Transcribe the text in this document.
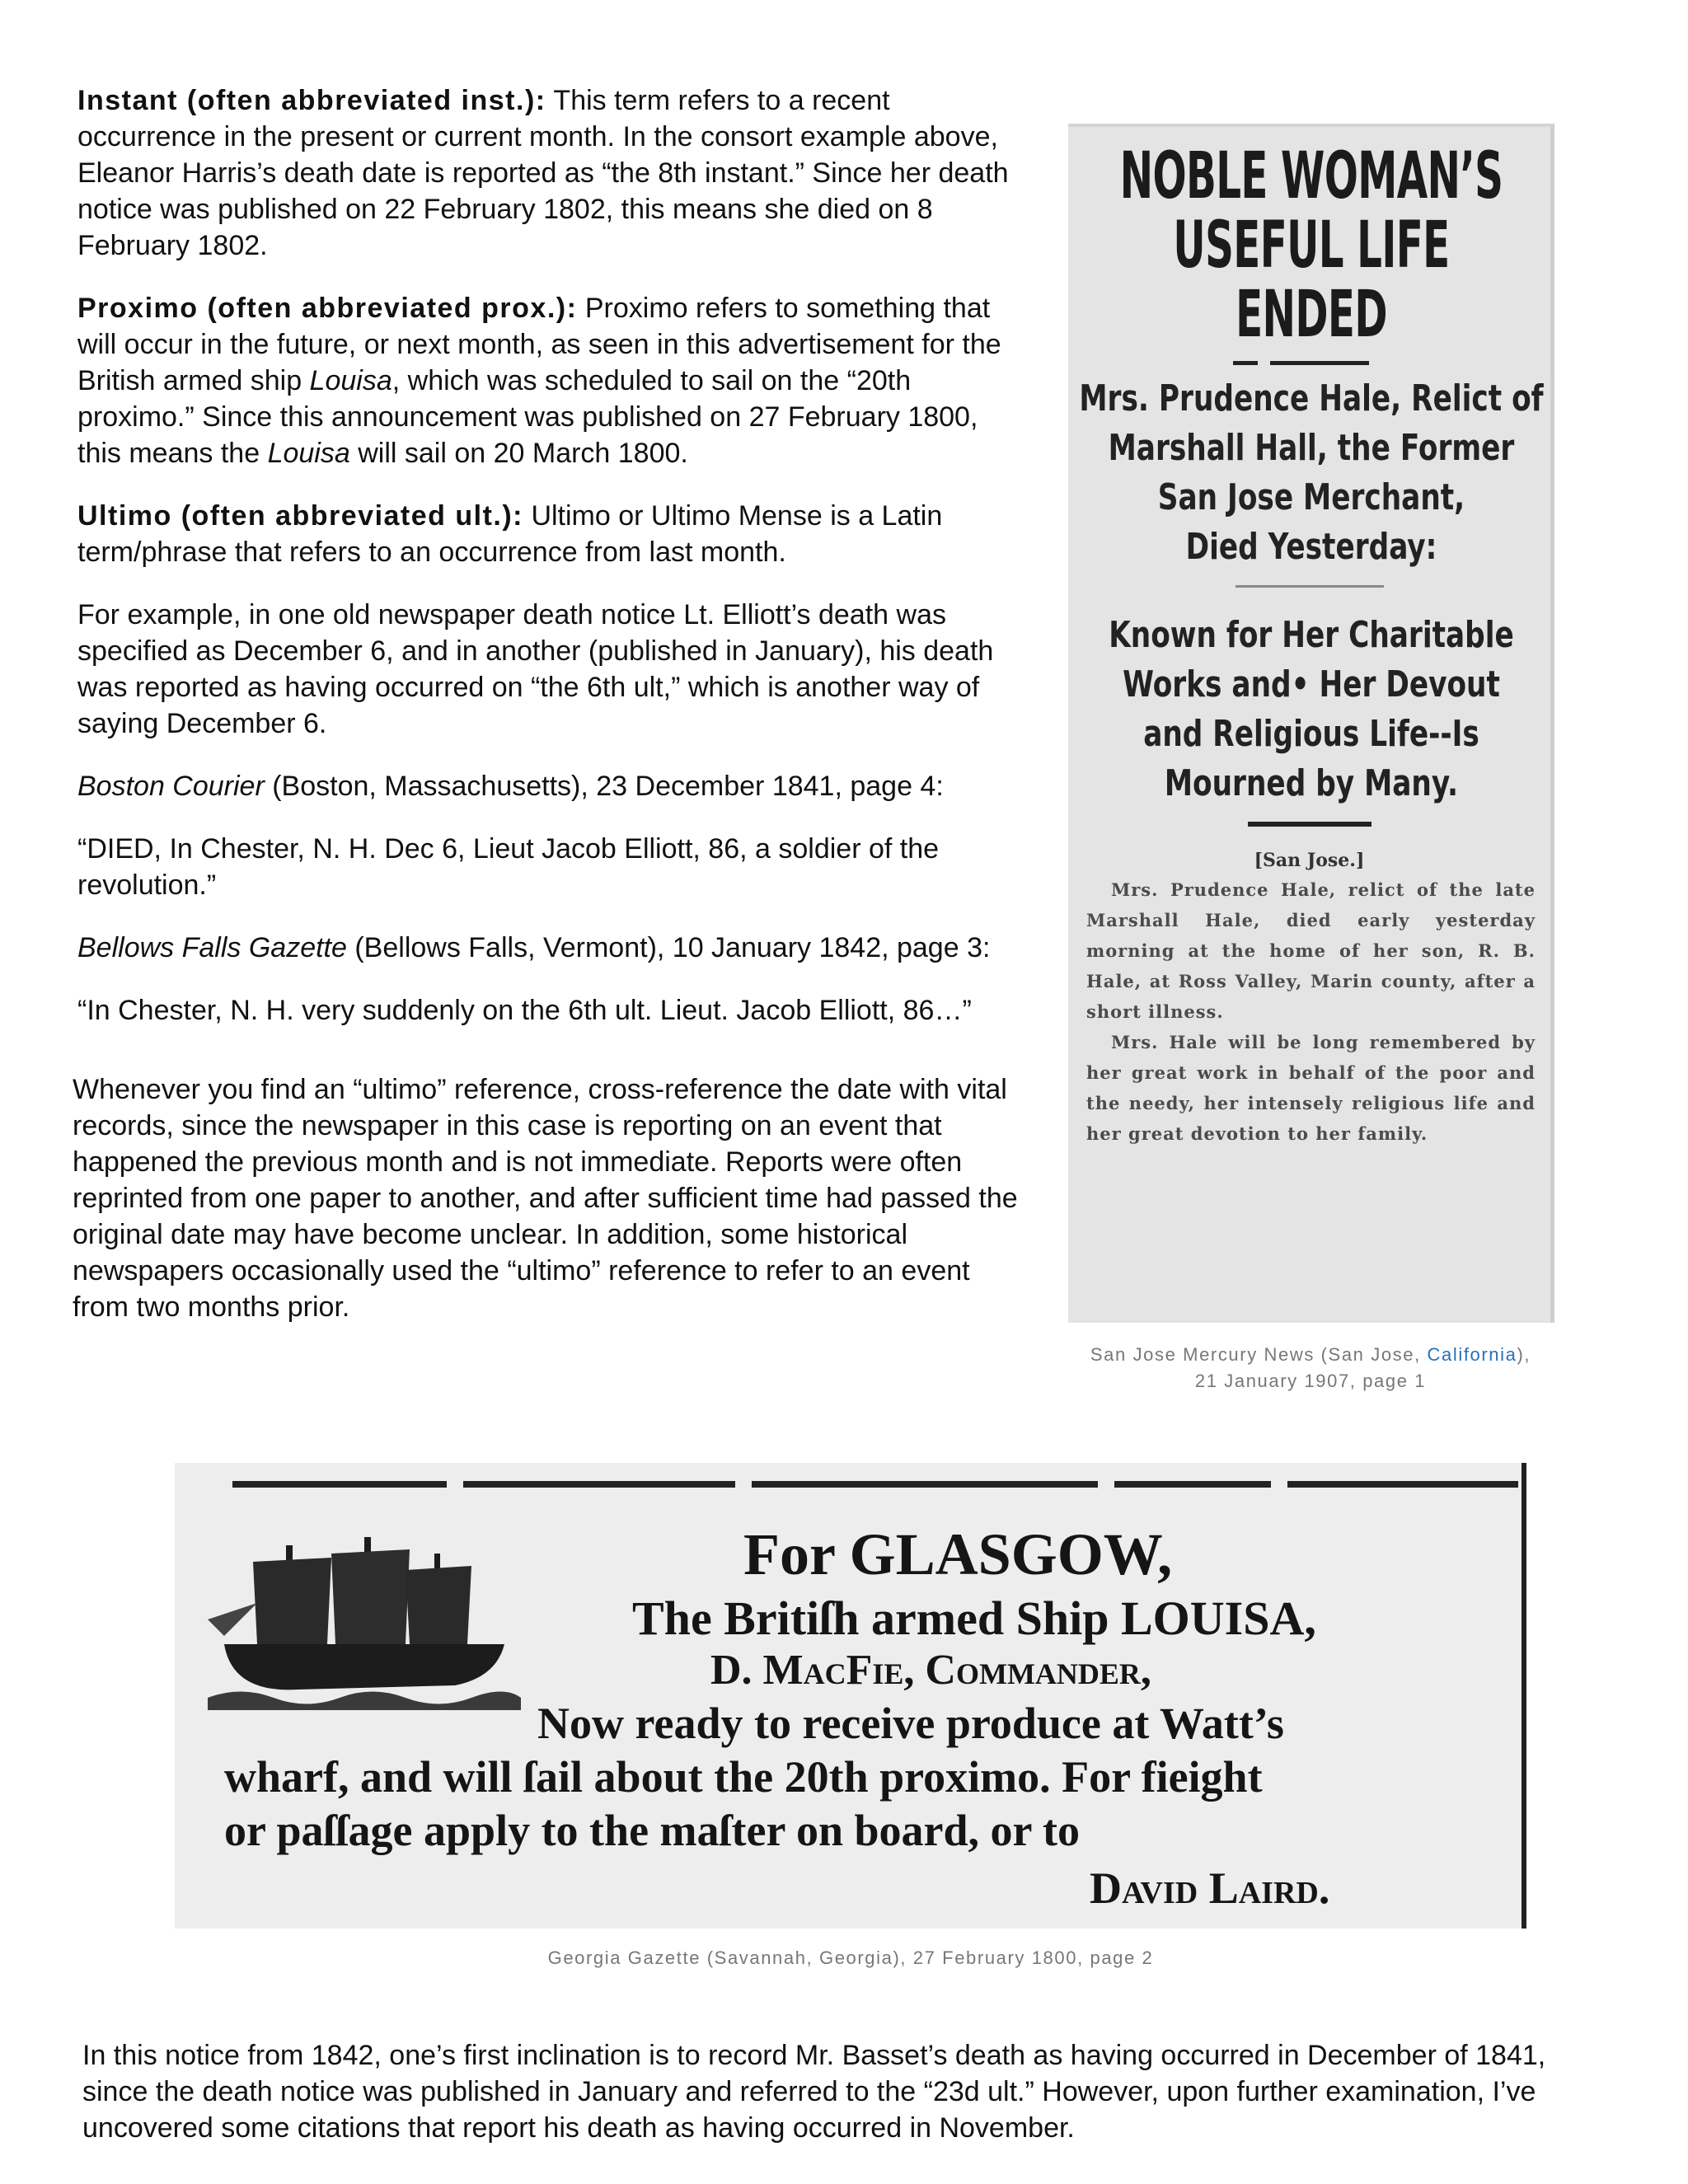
Instant (often abbreviated inst.): This term refers to a recent occurrence in the present or current month. In the consort example above, Eleanor Harris’s death date is reported as “the 8th instant.” Since her death notice was published on 22 February 1802, this means she died on 8 February 1802.

Proximo (often abbreviated prox.): Proximo refers to something that will occur in the future, or next month, as seen in this advertisement for the British armed ship Louisa, which was scheduled to sail on the “20th proximo.” Since this announcement was published on 27 February 1800, this means the Louisa will sail on 20 March 1800.

Ultimo (often abbreviated ult.): Ultimo or Ultimo Mense is a Latin term/phrase that refers to an occurrence from last month.

For example, in one old newspaper death notice Lt. Elliott’s death was specified as December 6, and in another (published in January), his death was reported as having occurred on “the 6th ult,” which is another way of saying December 6.

Boston Courier (Boston, Massachusetts), 23 December 1841, page 4:

“DIED, In Chester, N. H. Dec 6, Lieut Jacob Elliott, 86, a soldier of the revolution.”

Bellows Falls Gazette (Bellows Falls, Vermont), 10 January 1842, page 3:

“In Chester, N. H. very suddenly on the 6th ult. Lieut. Jacob Elliott, 86…”

Whenever you find an “ultimo” reference, cross-reference the date with vital records, since the newspaper in this case is reporting on an event that happened the previous month and is not immediate. Reports were often reprinted from one paper to another, and after sufficient time had passed the original date may have become unclear. In addition, some historical newspapers occasionally used the “ultimo” reference to refer to an event from two months prior.

NOBLE WOMAN’S
USEFUL LIFE
ENDED
Mrs. Prudence Hale, Relict of
Marshall Hall, the Former
San Jose Merchant,
Died Yesterday:
Known for Her Charitable
Works and• Her Devout
and Religious Life--Is
Mourned by Many.
[San Jose.]

Mrs. Prudence Hale, relict of the late Marshall Hale, died early yesterday morning at the home of her son, R. B. Hale, at Ross Valley, Marin county, after a short illness.

Mrs. Hale will be long remembered by her great work in behalf of the poor and the needy, her intensely religious life and her great devotion to her family.

San Jose Mercury News (San Jose, California),
21 January 1907, page 1
For GLASGOW,
The Britiſh armed Ship LOUISA,
D. MacFie, Commander,
Now ready to receive produce at Watt’s
wharf, and will ſail about the 20th proximo. For fieight
or paſſage apply to the maſter on board, or to
David Laird.
Georgia Gazette (Savannah, Georgia), 27 February 1800, page 2

In this notice from 1842, one’s first inclination is to record Mr. Basset’s death as having occurred in December of 1841, since the death notice was published in January and referred to the “23d ult.” However, upon further examination, I’ve uncovered some citations that report his death as having occurred in November.
